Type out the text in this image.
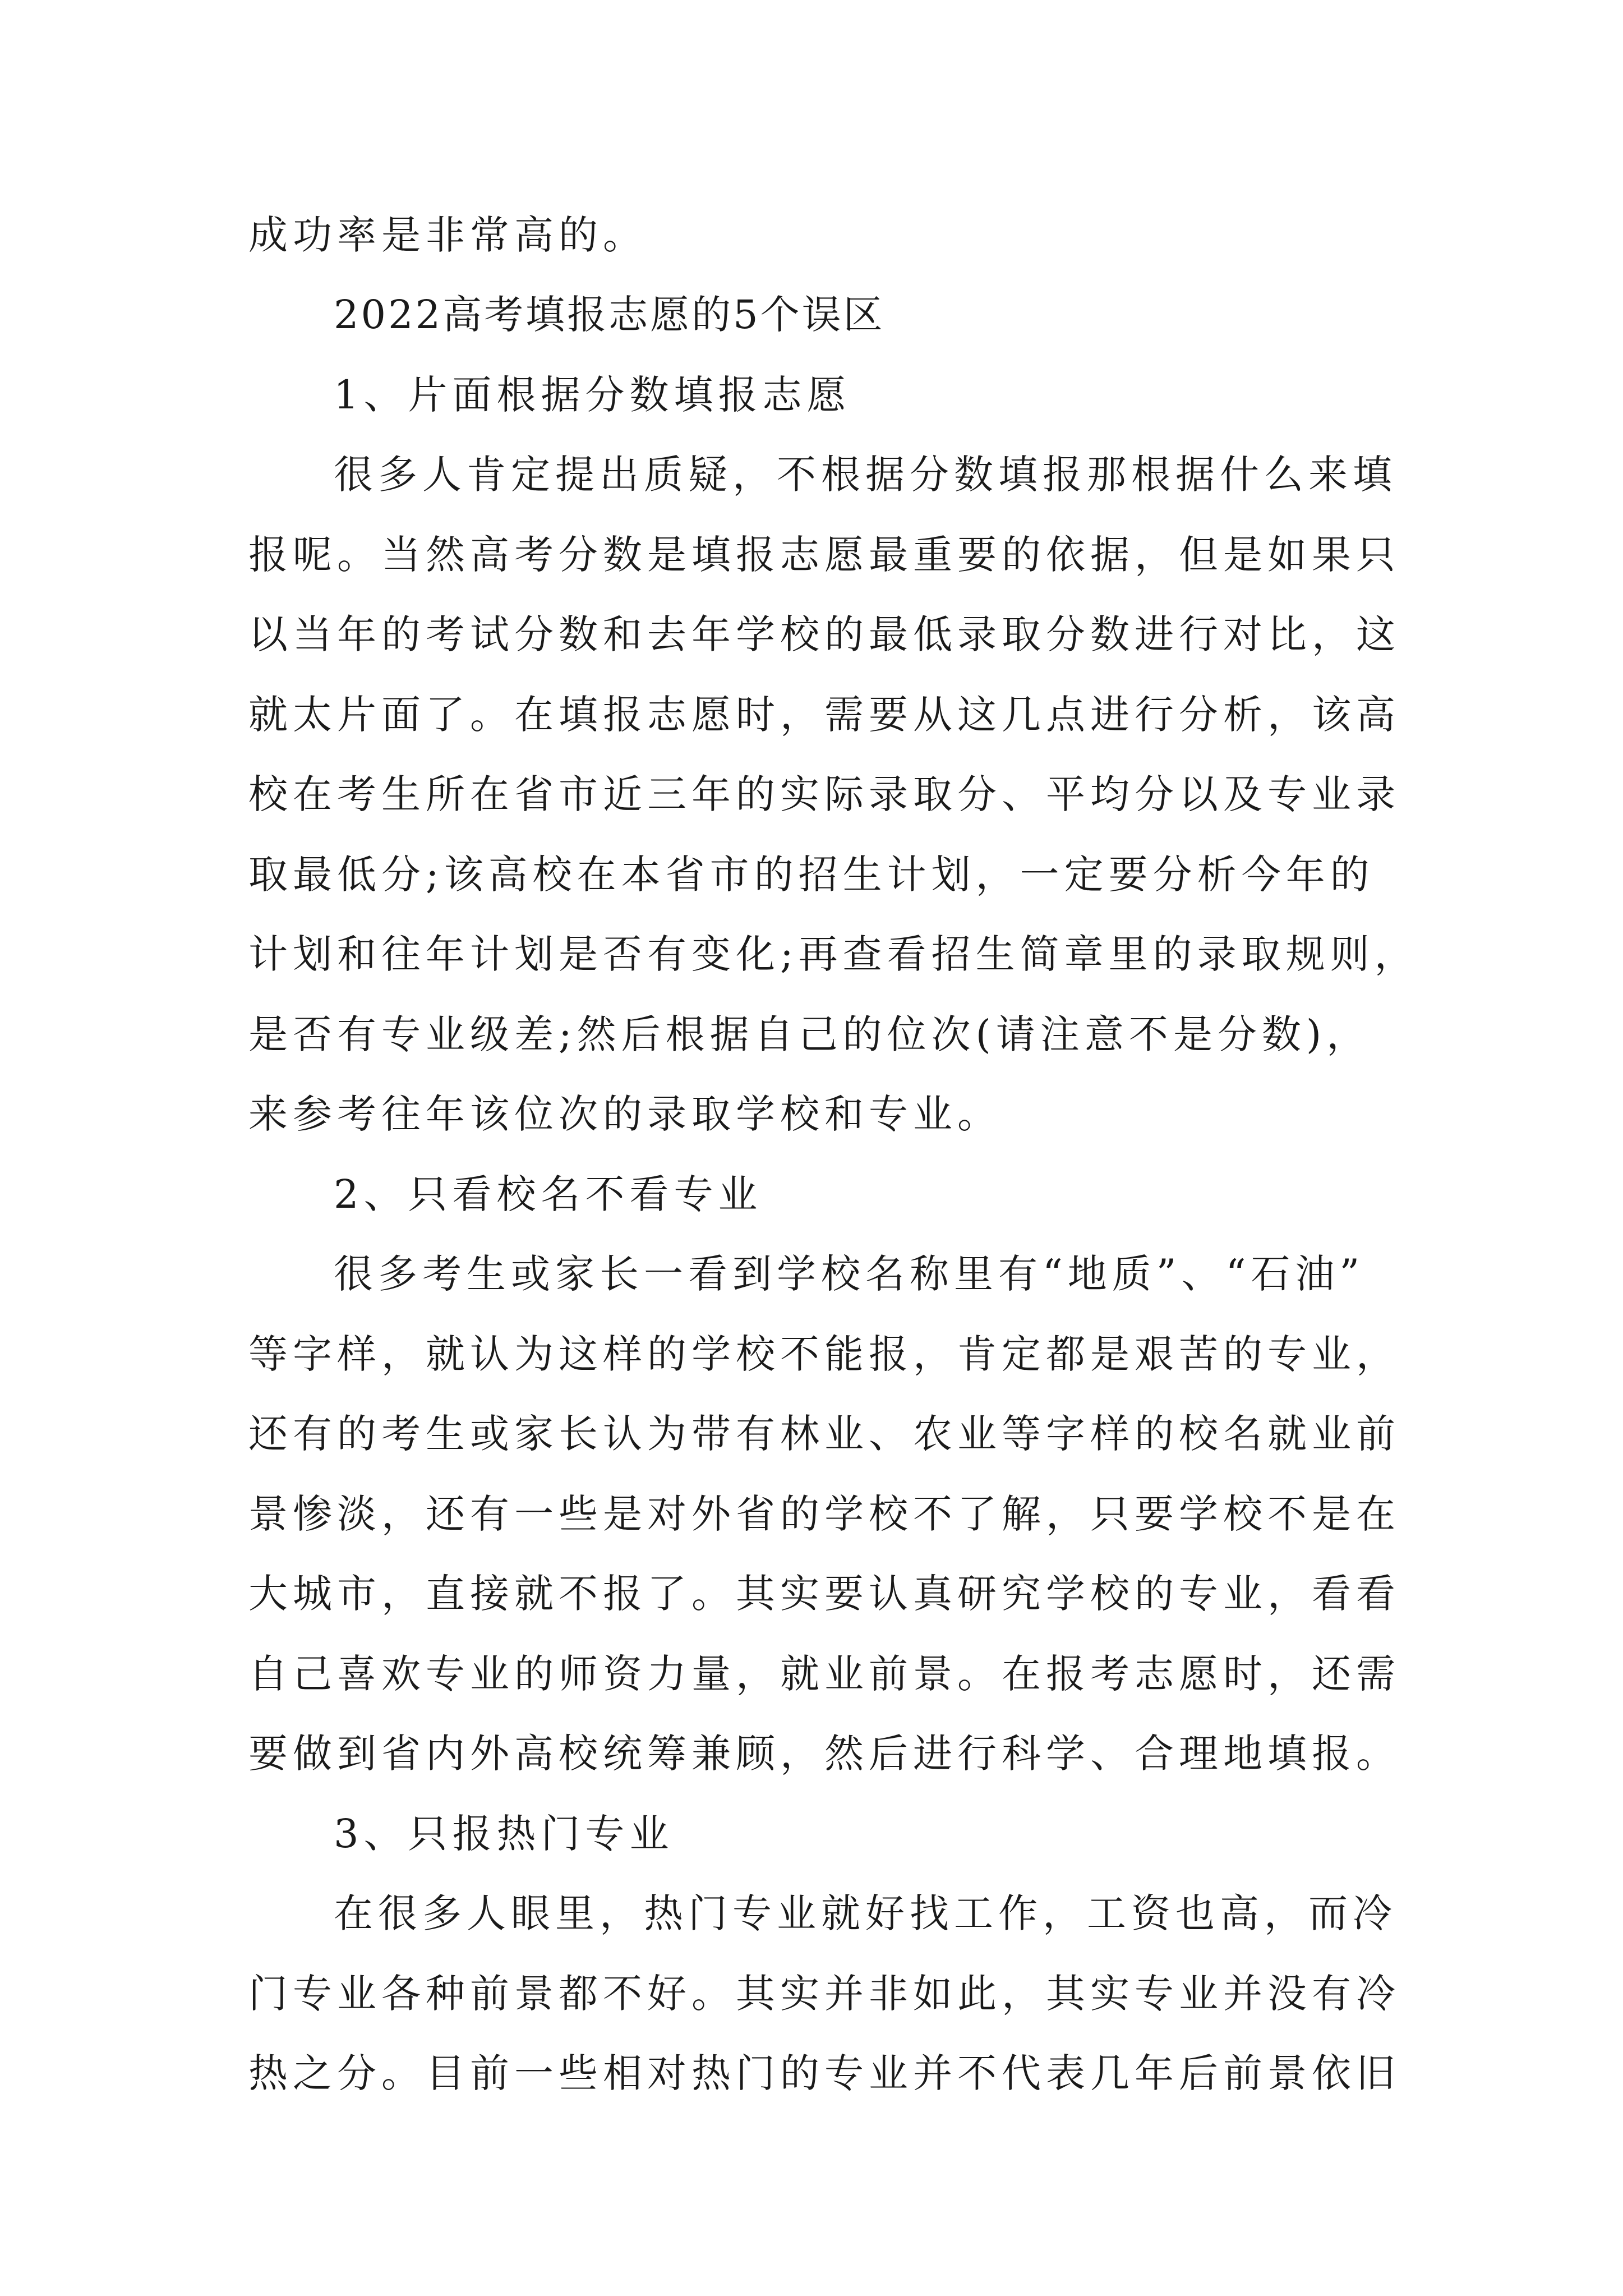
成功率是非常高的。
2022高考填报志愿的5个误区
1、片面根据分数填报志愿
很多人肯定提出质疑，不根据分数填报那根据什么来填
报呢。当然高考分数是填报志愿最重要的依据，但是如果只
以当年的考试分数和去年学校的最低录取分数进行对比，这
就太片面了。在填报志愿时，需要从这几点进行分析，该高
校在考生所在省市近三年的实际录取分、平均分以及专业录
取最低分;该高校在本省市的招生计划，一定要分析今年的
计划和往年计划是否有变化;再查看招生简章里的录取规则，
是否有专业级差;然后根据自己的位次(请注意不是分数)，
来参考往年该位次的录取学校和专业。
2、只看校名不看专业
很多考生或家长一看到学校名称里有“地质”、“石油”
等字样，就认为这样的学校不能报，肯定都是艰苦的专业，
还有的考生或家长认为带有林业、农业等字样的校名就业前
景惨淡，还有一些是对外省的学校不了解，只要学校不是在
大城市，直接就不报了。其实要认真研究学校的专业，看看
自己喜欢专业的师资力量，就业前景。在报考志愿时，还需
要做到省内外高校统筹兼顾，然后进行科学、合理地填报。
3、只报热门专业
在很多人眼里，热门专业就好找工作，工资也高，而冷
门专业各种前景都不好。其实并非如此，其实专业并没有冷
热之分。目前一些相对热门的专业并不代表几年后前景依旧
